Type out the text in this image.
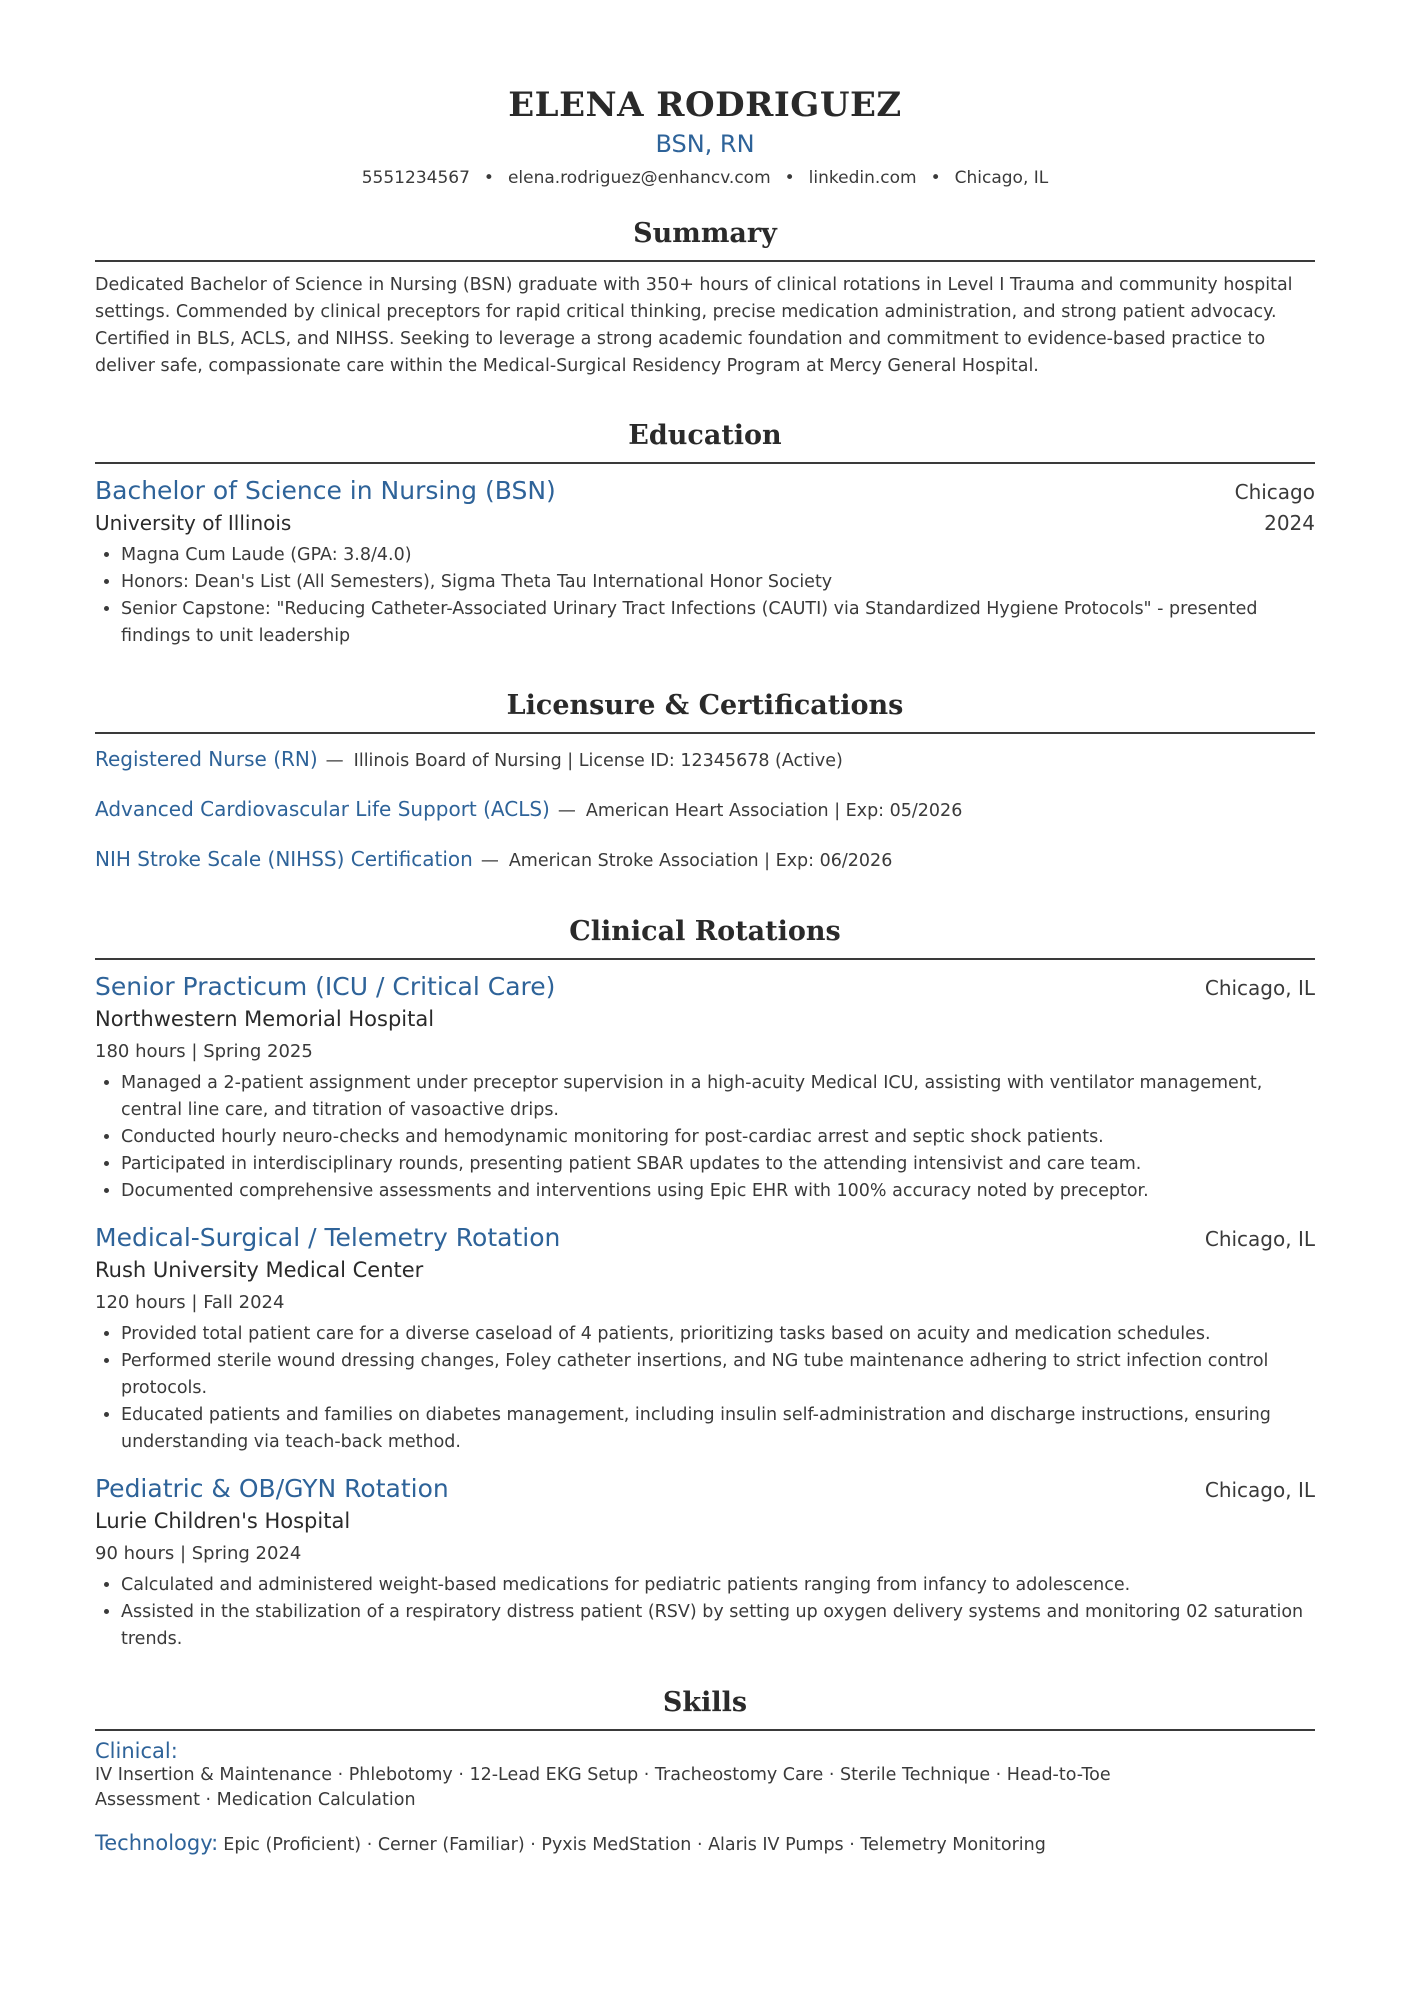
ELENA RODRIGUEZ
BSN, RN
5551234567 • elena.rodriguez@enhancv.com • linkedin.com • Chicago, IL
Summary

Dedicated Bachelor of Science in Nursing (BSN) graduate with 350+ hours of clinical rotations in Level I Trauma and community hospital settings. Commended by clinical preceptors for rapid critical thinking, precise medication administration, and strong patient advocacy. Certified in BLS, ACLS, and NIHSS. Seeking to leverage a strong academic foundation and commitment to evidence-based practice to deliver safe, compassionate care within the Medical-Surgical Residency Program at Mercy General Hospital.

Education
Bachelor of Science in Nursing (BSN)	Chicago
University of Illinois	2024
• Magna Cum Laude (GPA: 3.8/4.0)
• Honors: Dean's List (All Semesters), Sigma Theta Tau International Honor Society
• Senior Capstone: "Reducing Catheter-Associated Urinary Tract Infections (CAUTI) via Standardized Hygiene Protocols" - presented findings to unit leadership
Licensure & Certifications
Registered Nurse (RN) — Illinois Board of Nursing | License ID: 12345678 (Active)
Advanced Cardiovascular Life Support (ACLS) — American Heart Association | Exp: 05/2026
NIH Stroke Scale (NIHSS) Certification — American Stroke Association | Exp: 06/2026
Clinical Rotations
Senior Practicum (ICU / Critical Care)	Chicago, IL
Northwestern Memorial Hospital
180 hours | Spring 2025
• Managed a 2-patient assignment under preceptor supervision in a high-acuity Medical ICU, assisting with ventilator management, central line care, and titration of vasoactive drips.
• Conducted hourly neuro-checks and hemodynamic monitoring for post-cardiac arrest and septic shock patients.
• Participated in interdisciplinary rounds, presenting patient SBAR updates to the attending intensivist and care team.
• Documented comprehensive assessments and interventions using Epic EHR with 100% accuracy noted by preceptor.
Medical-Surgical / Telemetry Rotation	Chicago, IL
Rush University Medical Center
120 hours | Fall 2024
• Provided total patient care for a diverse caseload of 4 patients, prioritizing tasks based on acuity and medication schedules.
• Performed sterile wound dressing changes, Foley catheter insertions, and NG tube maintenance adhering to strict infection control protocols.
• Educated patients and families on diabetes management, including insulin self-administration and discharge instructions, ensuring understanding via teach-back method.
Pediatric & OB/GYN Rotation	Chicago, IL
Lurie Children's Hospital
90 hours | Spring 2024
• Calculated and administered weight-based medications for pediatric patients ranging from infancy to adolescence.
• Assisted in the stabilization of a respiratory distress patient (RSV) by setting up oxygen delivery systems and monitoring 02 saturation trends.
Skills
Clinical:
IV Insertion & Maintenance · Phlebotomy · 12-Lead EKG Setup · Tracheostomy Care · Sterile Technique · Head-to-Toe Assessment · Medication Calculation
Technology: Epic (Proficient) · Cerner (Familiar) · Pyxis MedStation · Alaris IV Pumps · Telemetry Monitoring
